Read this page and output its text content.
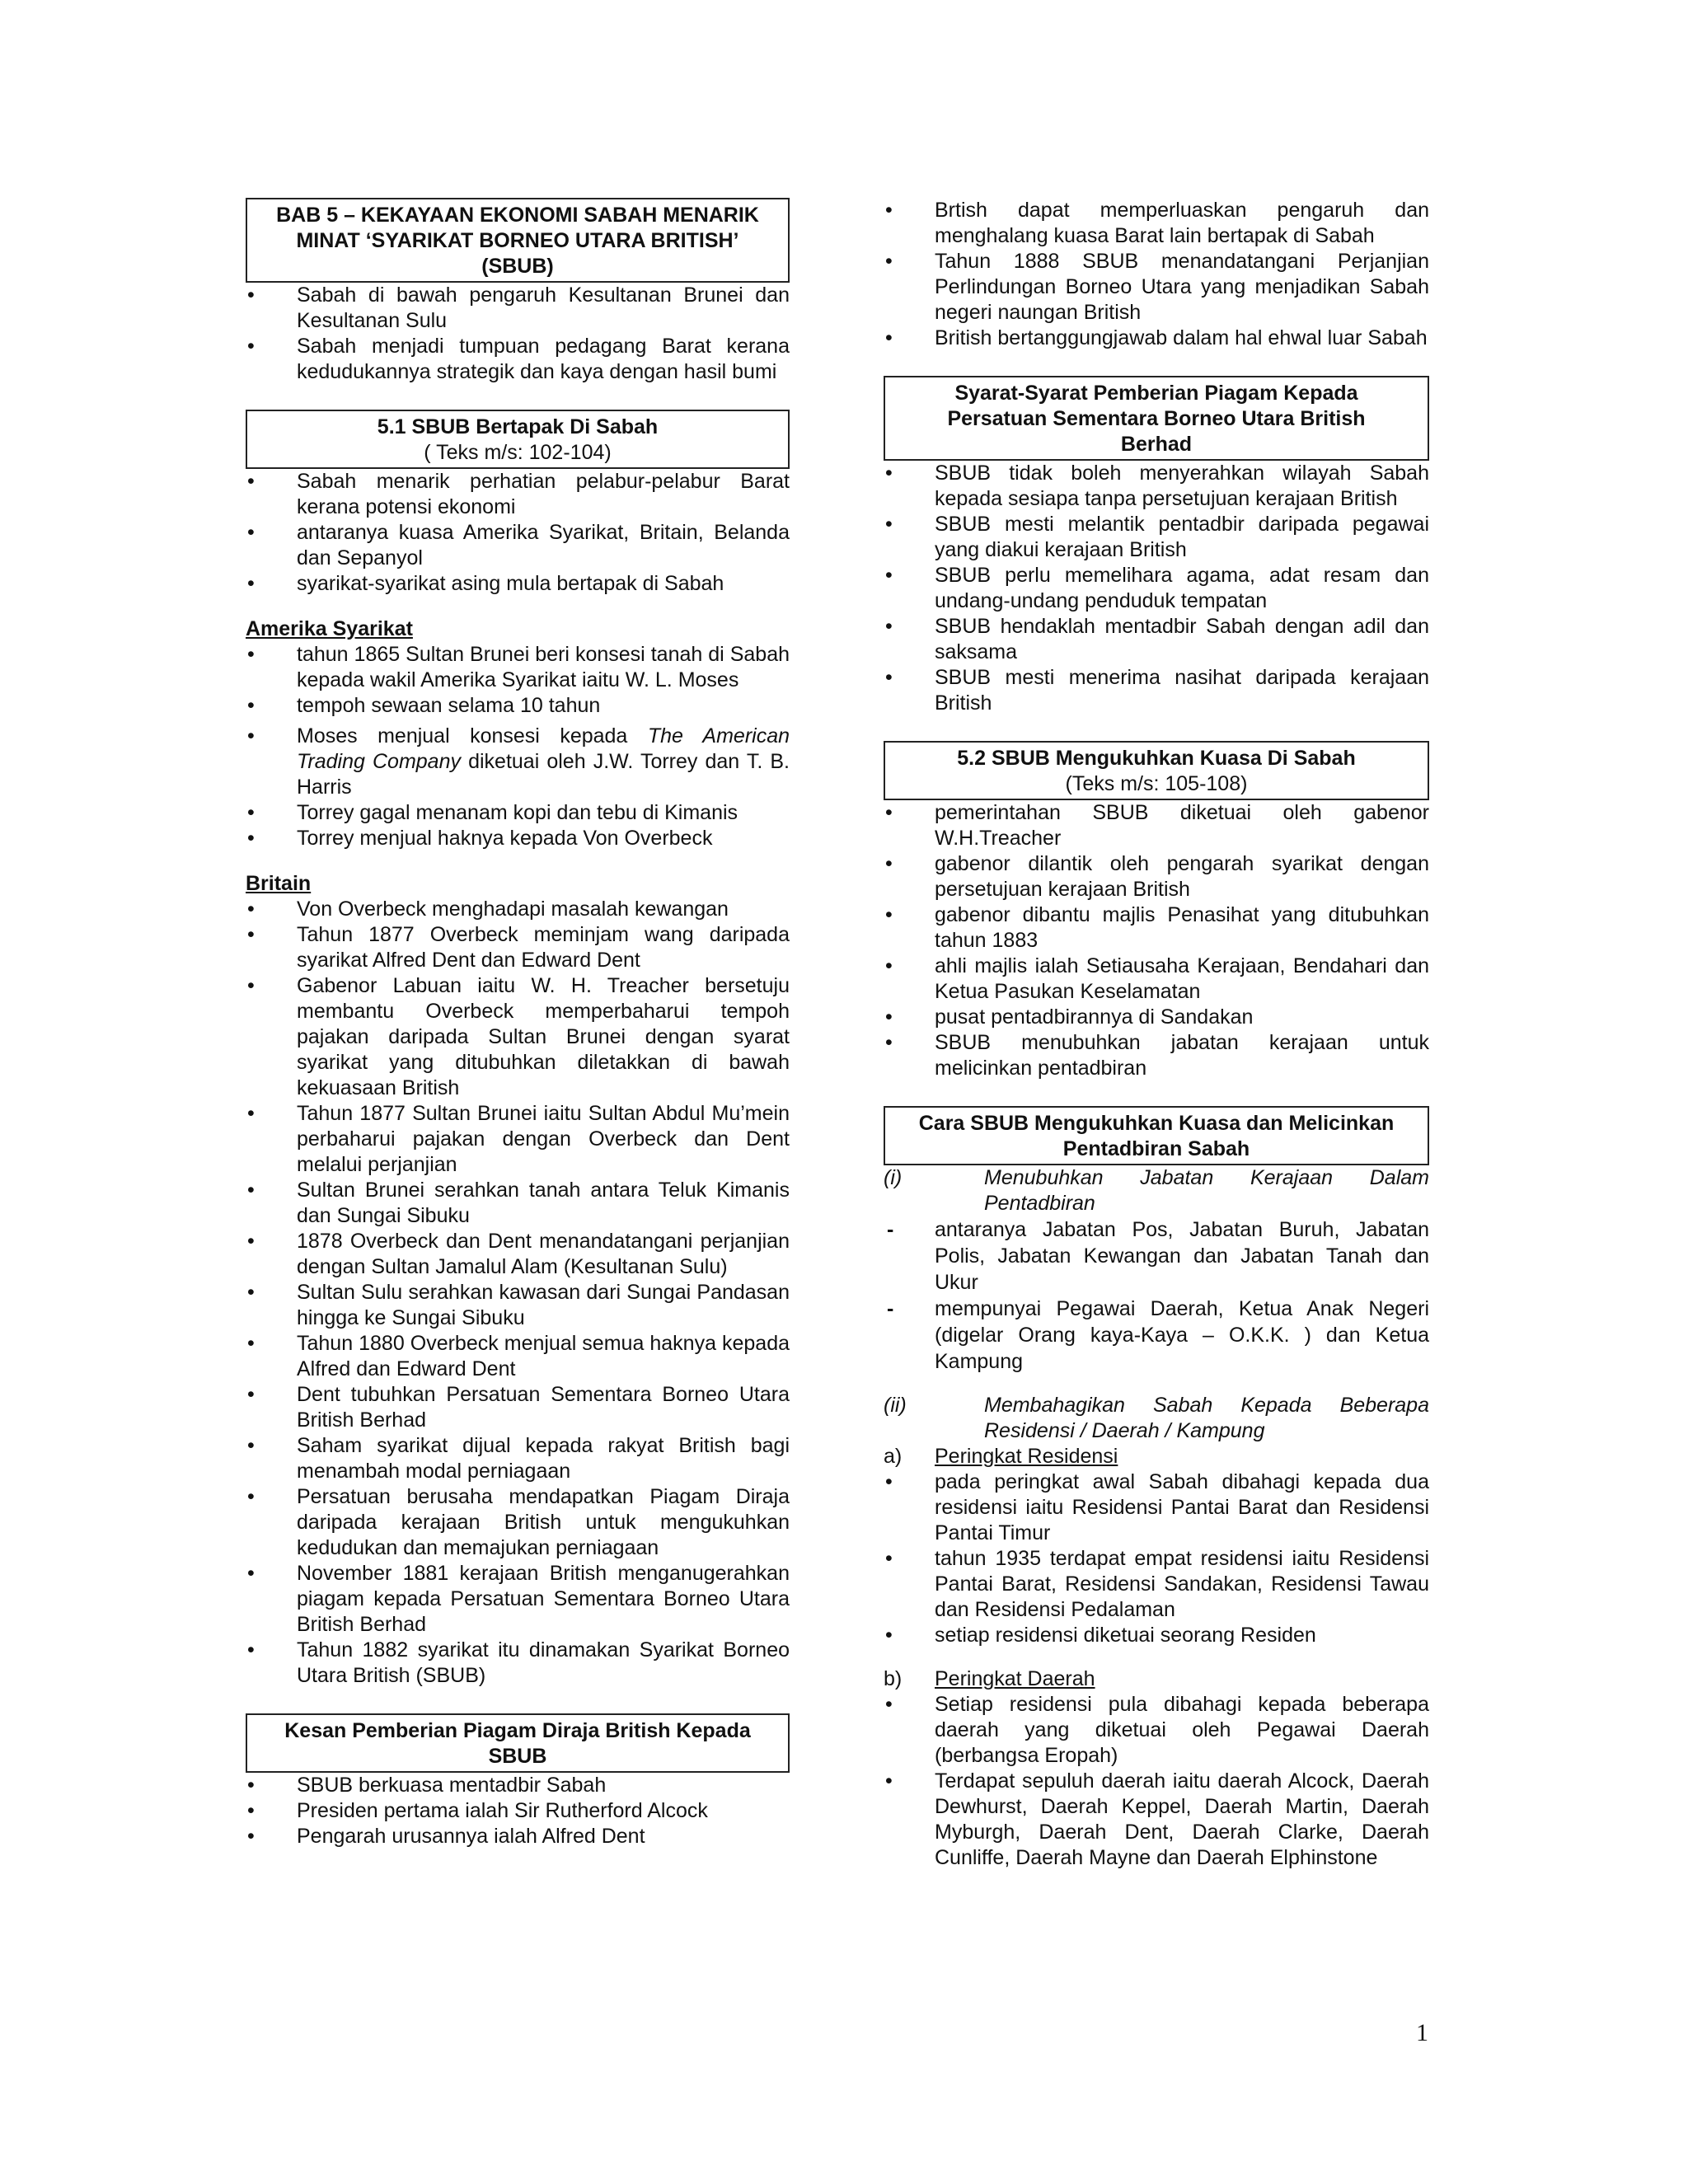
BAB 5 – KEKAYAAN EKONOMI SABAH MENARIK
MINAT ‘SYARIKAT BORNEO UTARA BRITISH’
(SBUB)
• Sabah di bawah pengaruh Kesultanan Brunei dan Kesultanan Sulu
• Sabah menjadi tumpuan pedagang Barat kerana kedudukannya strategik dan kaya dengan hasil bumi
5.1 SBUB Bertapak Di Sabah
( Teks m/s: 102-104)
• Sabah menarik perhatian pelabur-pelabur Barat kerana potensi ekonomi
• antaranya kuasa Amerika Syarikat, Britain, Belanda dan Sepanyol
• syarikat-syarikat asing mula bertapak di Sabah
Amerika Syarikat
• tahun 1865 Sultan Brunei beri konsesi tanah di Sabah kepada wakil Amerika Syarikat iaitu W. L. Moses
• tempoh sewaan selama 10 tahun
• Moses menjual konsesi kepada The American Trading Company diketuai oleh J.W. Torrey dan T. B. Harris
• Torrey gagal menanam kopi dan tebu di Kimanis
• Torrey menjual haknya kepada Von Overbeck
Britain
• Von Overbeck menghadapi masalah kewangan
• Tahun 1877 Overbeck meminjam wang daripada syarikat Alfred Dent dan Edward Dent
• Gabenor Labuan iaitu W. H. Treacher bersetuju membantu Overbeck memperbaharui tempoh pajakan daripada Sultan Brunei dengan syarat syarikat yang ditubuhkan diletakkan di bawah kekuasaan British
• Tahun 1877 Sultan Brunei iaitu Sultan Abdul Mu’mein perbaharui pajakan dengan Overbeck dan Dent melalui perjanjian
• Sultan Brunei serahkan tanah antara Teluk Kimanis dan Sungai Sibuku
• 1878 Overbeck dan Dent menandatangani perjanjian dengan Sultan Jamalul Alam (Kesultanan Sulu)
• Sultan Sulu serahkan kawasan dari Sungai Pandasan hingga ke Sungai Sibuku
• Tahun 1880 Overbeck menjual semua haknya kepada Alfred dan Edward Dent
• Dent tubuhkan Persatuan Sementara Borneo Utara British Berhad
• Saham syarikat dijual kepada rakyat British bagi menambah modal perniagaan
• Persatuan berusaha mendapatkan Piagam Diraja daripada kerajaan British untuk mengukuhkan kedudukan dan memajukan perniagaan
• November 1881 kerajaan British menganugerahkan piagam kepada Persatuan Sementara Borneo Utara British Berhad
• Tahun 1882 syarikat itu dinamakan Syarikat Borneo Utara British (SBUB)
Kesan Pemberian Piagam Diraja British Kepada
SBUB
• SBUB berkuasa mentadbir Sabah
• Presiden pertama ialah Sir Rutherford Alcock
• Pengarah urusannya ialah Alfred Dent
• Brtish dapat memperluaskan pengaruh dan menghalang kuasa Barat lain bertapak di Sabah
• Tahun 1888 SBUB menandatangani Perjanjian Perlindungan Borneo Utara yang menjadikan Sabah negeri naungan British
• British bertanggungjawab dalam hal ehwal luar Sabah
Syarat-Syarat Pemberian Piagam Kepada
Persatuan Sementara Borneo Utara British
Berhad
• SBUB tidak boleh menyerahkan wilayah Sabah kepada sesiapa tanpa persetujuan kerajaan British
• SBUB mesti melantik pentadbir daripada pegawai yang diakui kerajaan British
• SBUB perlu memelihara agama, adat resam dan undang-undang penduduk tempatan
• SBUB hendaklah mentadbir Sabah dengan adil dan saksama
• SBUB mesti menerima nasihat daripada kerajaan British
5.2 SBUB Mengukuhkan Kuasa Di Sabah
(Teks m/s: 105-108)
• pemerintahan SBUB diketuai oleh gabenor W.H.Treacher
• gabenor dilantik oleh pengarah syarikat dengan persetujuan kerajaan British
• gabenor dibantu majlis Penasihat yang ditubuhkan tahun 1883
• ahli majlis ialah Setiausaha Kerajaan, Bendahari dan Ketua Pasukan Keselamatan
• pusat pentadbirannya di Sandakan
• SBUB menubuhkan jabatan kerajaan untuk melicinkan pentadbiran
Cara SBUB Mengukuhkan Kuasa dan Melicinkan
Pentadbiran Sabah
(i)	Menubuhkan Jabatan Kerajaan Dalam Pentadbiran
- antaranya Jabatan Pos, Jabatan Buruh, Jabatan Polis, Jabatan Kewangan dan Jabatan Tanah dan Ukur
- mempunyai Pegawai Daerah, Ketua Anak Negeri (digelar Orang kaya-Kaya – O.K.K. ) dan Ketua Kampung
(ii)	Membahagikan Sabah Kepada Beberapa Residensi / Daerah / Kampung
a) Peringkat Residensi
• pada peringkat awal Sabah dibahagi kepada dua residensi iaitu Residensi Pantai Barat dan Residensi Pantai Timur
• tahun 1935 terdapat empat residensi iaitu Residensi Pantai Barat, Residensi Sandakan, Residensi Tawau dan Residensi Pedalaman
• setiap residensi diketuai seorang Residen
b) Peringkat Daerah
• Setiap residensi pula dibahagi kepada beberapa daerah yang diketuai oleh Pegawai Daerah (berbangsa Eropah)
• Terdapat sepuluh daerah iaitu daerah Alcock, Daerah Dewhurst, Daerah Keppel, Daerah Martin, Daerah Myburgh, Daerah Dent, Daerah Clarke, Daerah Cunliffe, Daerah Mayne dan Daerah Elphinstone
1
